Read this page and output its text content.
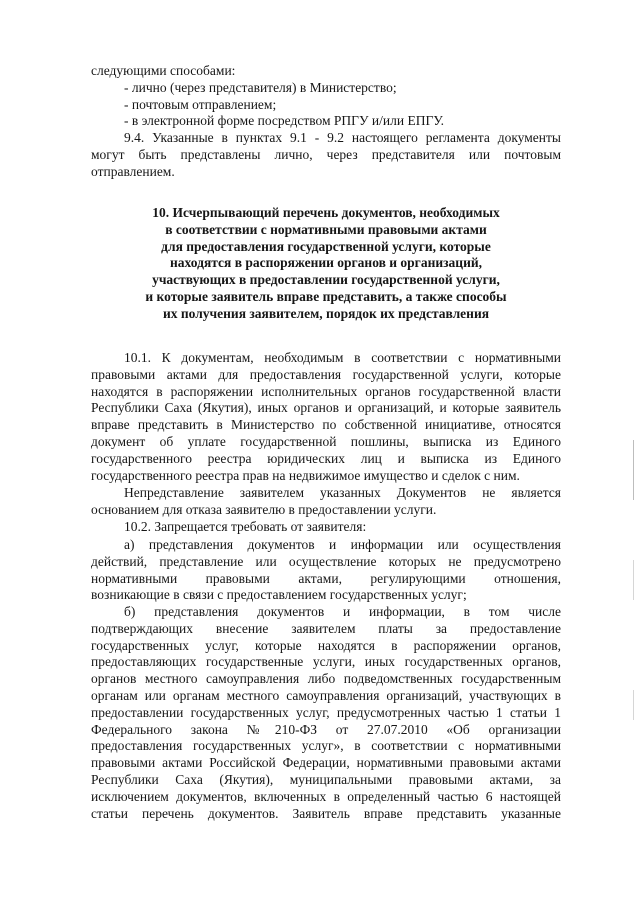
следующими способами:
- лично (через представителя) в Министерство;
- почтовым отправлением;
- в электронной форме посредством РПГУ и/или ЕПГУ.
9.4. Указанные в пунктах 9.1 - 9.2 настоящего регламента документы
могут быть представлены лично, через представителя или почтовым
отправлением.
10. Исчерпывающий перечень документов, необходимых
в соответствии с нормативными правовыми актами
для предоставления государственной услуги, которые
находятся в распоряжении органов и организаций,
участвующих в предоставлении государственной услуги,
и которые заявитель вправе представить, а также способы
их получения заявителем, порядок их представления
10.1. К документам, необходимым в соответствии с нормативными
правовыми актами для предоставления государственной услуги, которые
находятся в распоряжении исполнительных органов государственной власти
Республики Саха (Якутия), иных органов и организаций, и которые заявитель
вправе представить в Министерство по собственной инициативе, относятся
документ об уплате государственной пошлины, выписка из Единого
государственного реестра юридических лиц и выписка из Единого
государственного реестра прав на недвижимое имущество и сделок с ним.
Непредставление заявителем указанных Документов не является
основанием для отказа заявителю в предоставлении услуги.
10.2. Запрещается требовать от заявителя:
а) представления документов и информации или осуществления
действий, представление или осуществление которых не предусмотрено
нормативными правовыми актами, регулирующими отношения,
возникающие в связи с предоставлением государственных услуг;
б) представления документов и информации, в том числе
подтверждающих внесение заявителем платы за предоставление
государственных услуг, которые находятся в распоряжении органов,
предоставляющих государственные услуги, иных государственных органов,
органов местного самоуправления либо подведомственных государственным
органам или органам местного самоуправления организаций, участвующих в
предоставлении государственных услуг, предусмотренных частью 1 статьи 1
Федерального закона №210-ФЗ от 27.07.2010 «Об организации
предоставления государственных услуг», в соответствии с нормативными
правовыми актами Российской Федерации, нормативными правовыми актами
Республики Саха (Якутия), муниципальными правовыми актами, за
исключением документов, включенных в определенный частью 6 настоящей
статьи перечень документов. Заявитель вправе представить указанные
